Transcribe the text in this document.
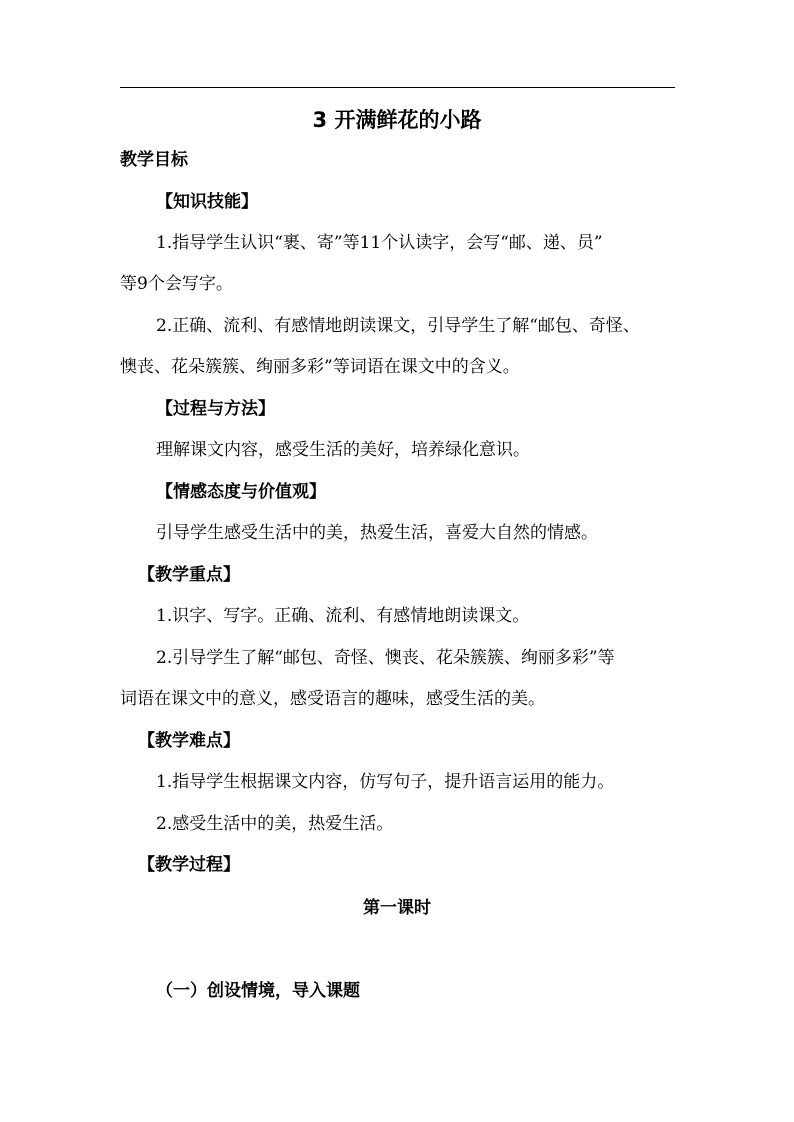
3 开满鲜花的小路
教学目标
【知识技能】
1.指导学生认识“裹、寄”等11个认读字，会写“邮、递、员”
等9个会写字。
2.正确、流利、有感情地朗读课文，引导学生了解“邮包、奇怪、
懊丧、花朵簇簇、绚丽多彩”等词语在课文中的含义。
【过程与方法】
理解课文内容，感受生活的美好，培养绿化意识。
【情感态度与价值观】
引导学生感受生活中的美，热爱生活，喜爱大自然的情感。
【教学重点】
1.识字、写字。正确、流利、有感情地朗读课文。
2.引导学生了解“邮包、奇怪、懊丧、花朵簇簇、绚丽多彩”等
词语在课文中的意义，感受语言的趣味，感受生活的美。
【教学难点】
1.指导学生根据课文内容，仿写句子，提升语言运用的能力。
2.感受生活中的美，热爱生活。
【教学过程】
第一课时
（一）创设情境，导入课题
